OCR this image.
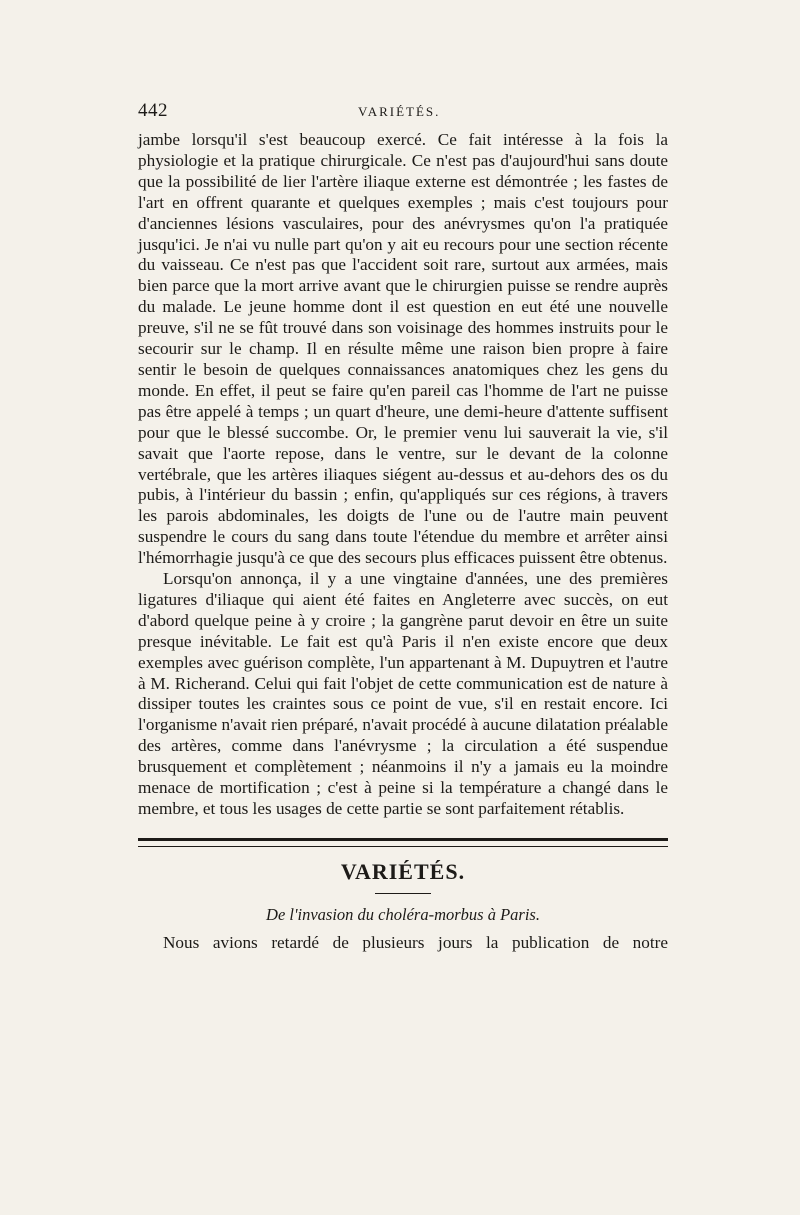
442	VARIÉTÉS.

jambe lorsqu'il s'est beaucoup exercé. Ce fait intéresse à la fois la physiologie et la pratique chirurgicale. Ce n'est pas d'aujourd'hui sans doute que la possibilité de lier l'artère iliaque externe est démontrée ; les fastes de l'art en offrent quarante et quelques exemples ; mais c'est toujours pour d'anciennes lésions vasculaires, pour des anévrysmes qu'on l'a pratiquée jusqu'ici. Je n'ai vu nulle part qu'on y ait eu recours pour une section récente du vaisseau. Ce n'est pas que l'accident soit rare, surtout aux armées, mais bien parce que la mort arrive avant que le chirurgien puisse se rendre auprès du malade. Le jeune homme dont il est question en eut été une nouvelle preuve, s'il ne se fût trouvé dans son voisinage des hommes instruits pour le secourir sur le champ. Il en résulte même une raison bien propre à faire sentir le besoin de quelques connaissances anatomiques chez les gens du monde. En effet, il peut se faire qu'en pareil cas l'homme de l'art ne puisse pas être appelé à temps ; un quart d'heure, une demi-heure d'attente suffisent pour que le blessé succombe. Or, le premier venu lui sauverait la vie, s'il savait que l'aorte repose, dans le ventre, sur le devant de la colonne vertébrale, que les artères iliaques siégent au-dessus et au-dehors des os du pubis, à l'intérieur du bassin ; enfin, qu'appliqués sur ces régions, à travers les parois abdominales, les doigts de l'une ou de l'autre main peuvent suspendre le cours du sang dans toute l'étendue du membre et arrêter ainsi l'hémorrhagie jusqu'à ce que des secours plus efficaces puissent être obtenus.

Lorsqu'on annonça, il y a une vingtaine d'années, une des premières ligatures d'iliaque qui aient été faites en Angleterre avec succès, on eut d'abord quelque peine à y croire ; la gangrène parut devoir en être un suite presque inévitable. Le fait est qu'à Paris il n'en existe encore que deux exemples avec guérison complète, l'un appartenant à M. Dupuytren et l'autre à M. Richerand. Celui qui fait l'objet de cette communication est de nature à dissiper toutes les craintes sous ce point de vue, s'il en restait encore. Ici l'organisme n'avait rien préparé, n'avait procédé à aucune dilatation préalable des artères, comme dans l'anévrysme ; la circulation a été suspendue brusquement et complètement ; néanmoins il n'y a jamais eu la moindre menace de mortification ; c'est à peine si la température a changé dans le membre, et tous les usages de cette partie se sont parfaitement rétablis.

VARIÉTÉS.
De l'invasion du choléra-morbus à Paris.

Nous avions retardé de plusieurs jours la publication de notre
